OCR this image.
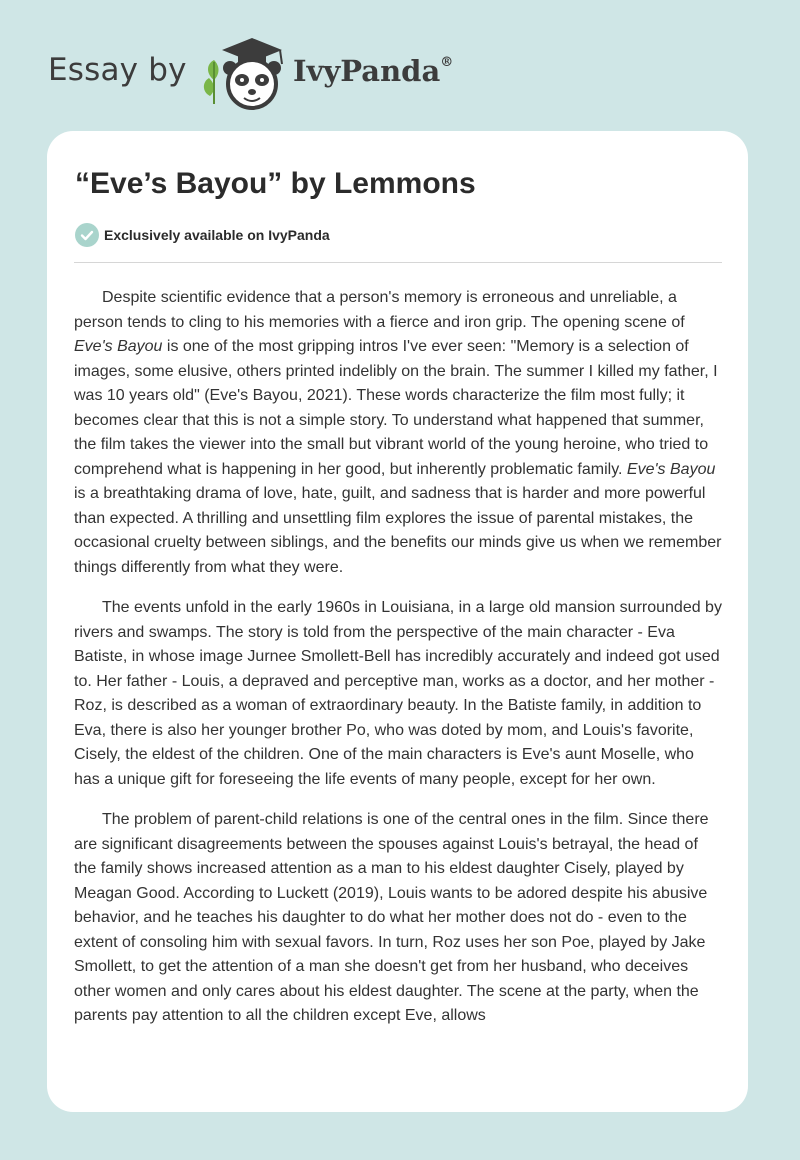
Essay by	IvyPanda®
“Eve’s Bayou” by Lemmons
Exclusively available on IvyPanda

Despite scientific evidence that a person's memory is erroneous and unreliable, a person tends to cling to his memories with a fierce and iron grip. The opening scene of Eve's Bayou is one of the most gripping intros I've ever seen: "Memory is a selection of images, some elusive, others printed indelibly on the brain. The summer I killed my father, I was 10 years old" (Eve's Bayou, 2021). These words characterize the film most fully; it becomes clear that this is not a simple story. To understand what happened that summer, the film takes the viewer into the small but vibrant world of the young heroine, who tried to comprehend what is happening in her good, but inherently problematic family. Eve's Bayou is a breathtaking drama of love, hate, guilt, and sadness that is harder and more powerful than expected. A thrilling and unsettling film explores the issue of parental mistakes, the occasional cruelty between siblings, and the benefits our minds give us when we remember things differently from what they were.

The events unfold in the early 1960s in Louisiana, in a large old mansion surrounded by rivers and swamps. The story is told from the perspective of the main character - Eva Batiste, in whose image Jurnee Smollett-Bell has incredibly accurately and indeed got used to. Her father - Louis, a depraved and perceptive man, works as a doctor, and her mother - Roz, is described as a woman of extraordinary beauty. In the Batiste family, in addition to Eva, there is also her younger brother Po, who was doted by mom, and Louis's favorite, Cisely, the eldest of the children. One of the main characters is Eve's aunt Moselle, who has a unique gift for foreseeing the life events of many people, except for her own.

The problem of parent-child relations is one of the central ones in the film. Since there are significant disagreements between the spouses against Louis's betrayal, the head of the family shows increased attention as a man to his eldest daughter Cisely, played by Meagan Good. According to Luckett (2019), Louis wants to be adored despite his abusive behavior, and he teaches his daughter to do what her mother does not do - even to the extent of consoling him with sexual favors. In turn, Roz uses her son Poe, played by Jake Smollett, to get the attention of a man she doesn't get from her husband, who deceives other women and only cares about his eldest daughter. The scene at the party, when the parents pay attention to all the children except Eve, allows
